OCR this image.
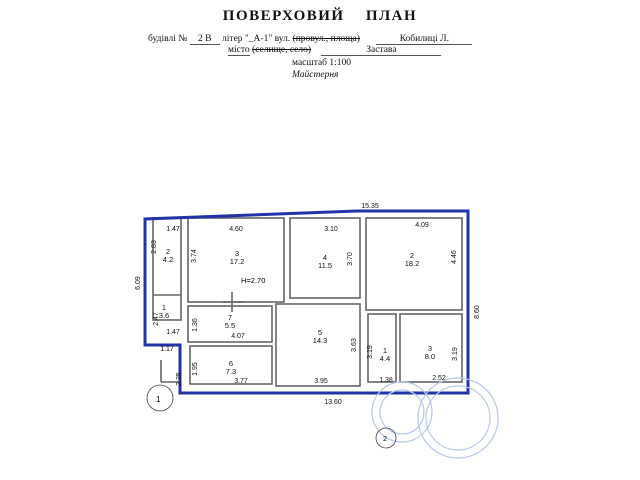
ПОВЕРХОВИЙ ПЛАН
будівлі № 2 В літер "_А-1" вул. (провул., площа)	Кобилиці Л.
місто (селище, село)	Заставa
масштаб 1:100
Майстерня
1
3.6
2
4.2
3
17.2	4
11.5
2
18.2
7
5.5
5
14.3
1
4.4
3
8.0
6
7.3
15.35
1.47	4.60	3.10
4.09
3.74	3.70	4.46
8.60
6.09
2.83
2.47	1.36
1.47
3.63
3.19	3.19
1.17
1.95
2.25
4.07
3.77	3.95	1.38	2.52
13.60
1
2
H=2.70
